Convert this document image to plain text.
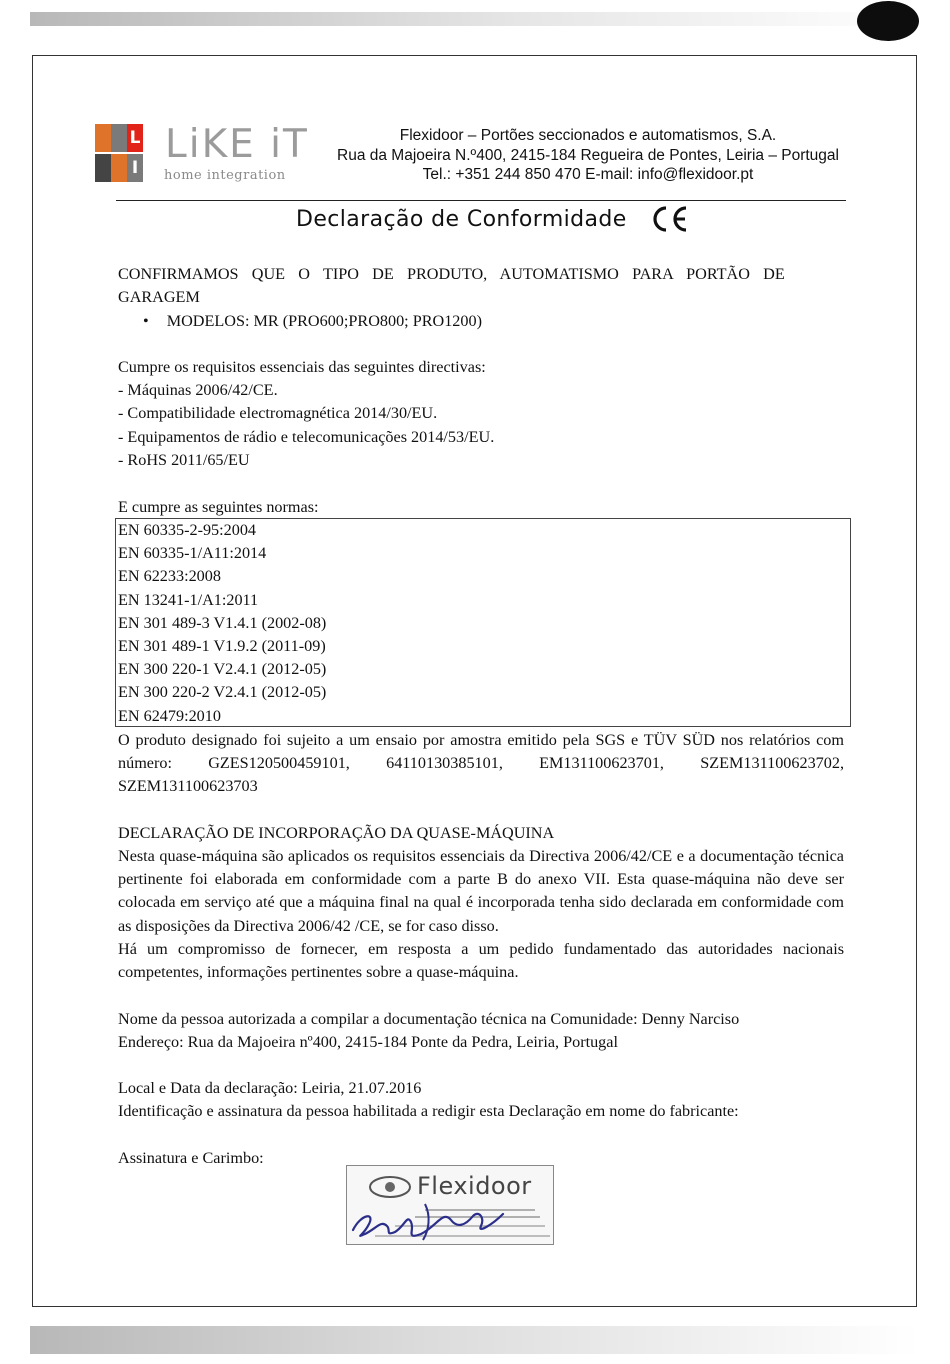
L
I
LiKE iT
home integration
Flexidoor – Portões seccionados e automatismos, S.A.
Rua da Majoeira N.º400, 2415-184 Regueira de Pontes, Leiria – Portugal
Tel.: +351 244 850 470 E-mail: info@flexidoor.pt
Declaração de Conformidade
CONFIRMAMOS QUE O TIPO DE PRODUTO, AUTOMATISMO PARA PORTÃO DE
GARAGEM
• MODELOS: MR (PRO600;PRO800; PRO1200)
Cumpre os requisitos essenciais das seguintes directivas:
- Máquinas 2006/42/CE.
- Compatibilidade electromagnética 2014/30/EU.
- Equipamentos de rádio e telecomunicações 2014/53/EU.
- RoHS 2011/65/EU
E cumpre as seguintes normas:
EN 60335-2-95:2004
EN 60335-1/A11:2014
EN 62233:2008
EN 13241-1/A1:2011
EN 301 489-3 V1.4.1 (2002-08)
EN 301 489-1 V1.9.2 (2011-09)
EN 300 220-1 V2.4.1 (2012-05)
EN 300 220-2 V2.4.1 (2012-05)
EN 62479:2010
O produto designado foi sujeito a um ensaio por amostra emitido pela SGS e TÜV SÜD nos relatórios com número: GZES120500459101, 64110130385101, EM131100623701, SZEM131100623702, SZEM131100623703
DECLARAÇÃO DE INCORPORAÇÃO DA QUASE-MÁQUINA
Nesta quase-máquina são aplicados os requisitos essenciais da Directiva 2006/42/CE e a documentação técnica pertinente foi elaborada em conformidade com a parte B do anexo VII. Esta quase-máquina não deve ser colocada em serviço até que a máquina final na qual é incorporada tenha sido declarada em conformidade com as disposições da Directiva 2006/42 /CE, se for caso disso.
Há um compromisso de fornecer, em resposta a um pedido fundamentado das autoridades nacionais competentes, informações pertinentes sobre a quase-máquina.
Nome da pessoa autorizada a compilar a documentação técnica na Comunidade: Denny Narciso
Endereço: Rua da Majoeira nº400, 2415-184 Ponte da Pedra, Leiria, Portugal
Local e Data da declaração: Leiria, 21.07.2016
Identificação e assinatura da pessoa habilitada a redigir esta Declaração em nome do fabricante:
Assinatura e Carimbo:
Flexidoor
